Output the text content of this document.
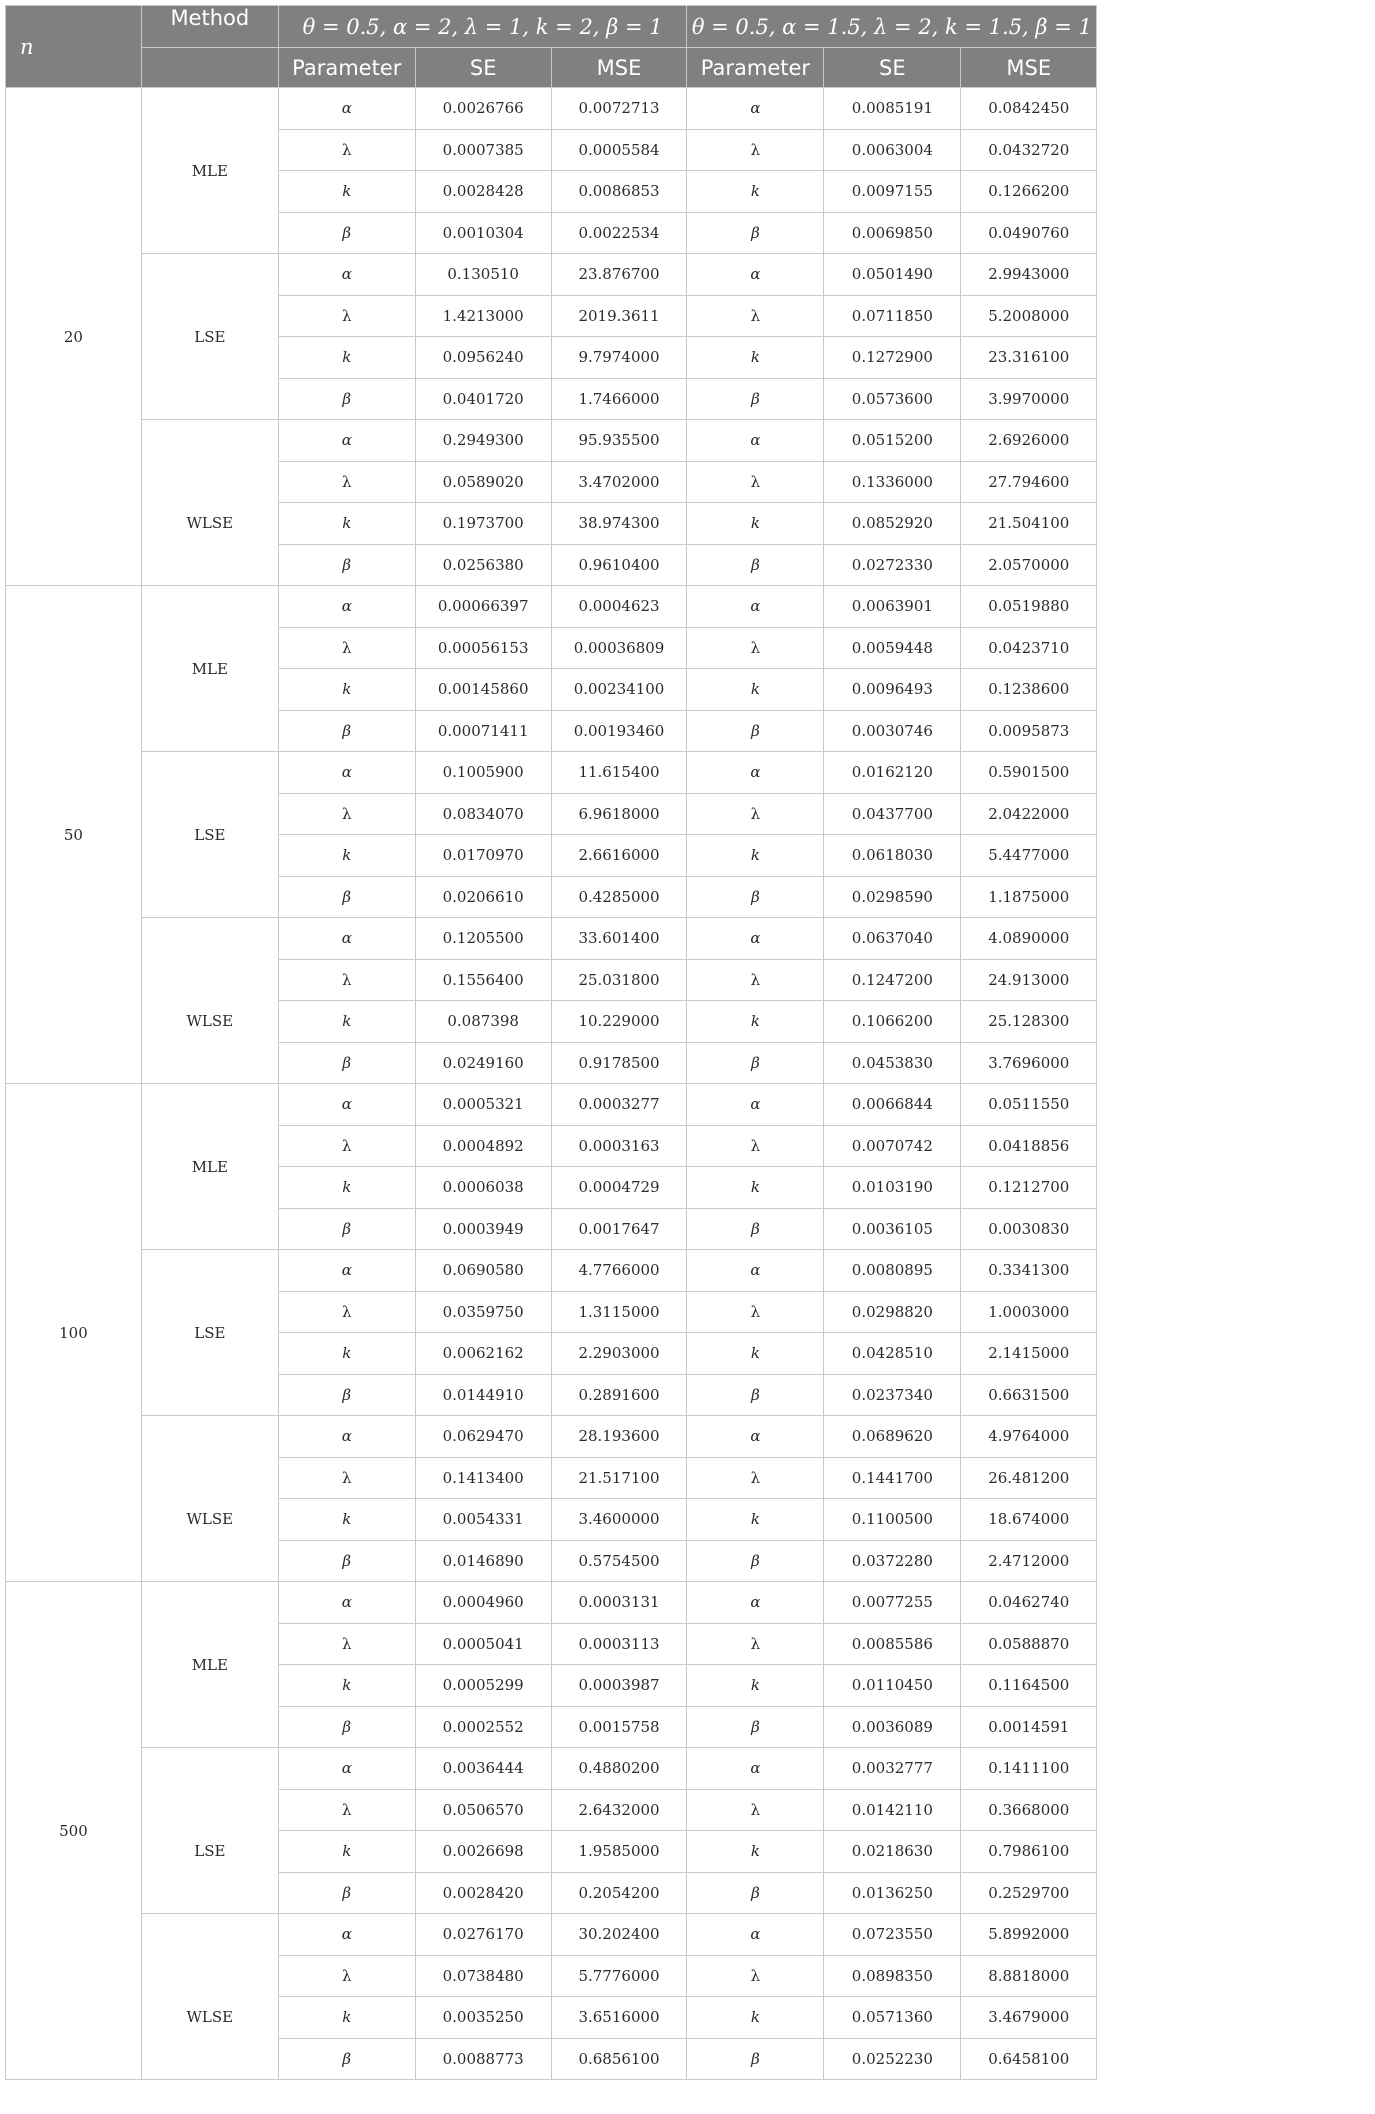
n	Method	θ = 0.5, α = 2, λ = 1, k = 2, β = 1			θ = 0.5, α = 1.5, λ = 2, k = 1.5, β = 1		
		Parameter	SE	MSE	Parameter	SE	MSE
20	MLE	α	0.0026766	0.0072713	α	0.0085191	0.0842450
		λ	0.0007385	0.0005584	λ	0.0063004	0.0432720
		k	0.0028428	0.0086853	k	0.0097155	0.1266200
		β	0.0010304	0.0022534	β	0.0069850	0.0490760
	LSE	α	0.130510	23.876700	α	0.0501490	2.9943000
		λ	1.4213000	2019.3611	λ	0.0711850	5.2008000
		k	0.0956240	9.7974000	k	0.1272900	23.316100
		β	0.0401720	1.7466000	β	0.0573600	3.9970000
	WLSE	α	0.2949300	95.935500	α	0.0515200	2.6926000
		λ	0.0589020	3.4702000	λ	0.1336000	27.794600
		k	0.1973700	38.974300	k	0.0852920	21.504100
		β	0.0256380	0.9610400	β	0.0272330	2.0570000
50	MLE	α	0.00066397	0.0004623	α	0.0063901	0.0519880
		λ	0.00056153	0.00036809	λ	0.0059448	0.0423710
		k	0.00145860	0.00234100	k	0.0096493	0.1238600
		β	0.00071411	0.00193460	β	0.0030746	0.0095873
	LSE	α	0.1005900	11.615400	α	0.0162120	0.5901500
		λ	0.0834070	6.9618000	λ	0.0437700	2.0422000
		k	0.0170970	2.6616000	k	0.0618030	5.4477000
		β	0.0206610	0.4285000	β	0.0298590	1.1875000
	WLSE	α	0.1205500	33.601400	α	0.0637040	4.0890000
		λ	0.1556400	25.031800	λ	0.1247200	24.913000
		k	0.087398	10.229000	k	0.1066200	25.128300
		β	0.0249160	0.9178500	β	0.0453830	3.7696000
100	MLE	α	0.0005321	0.0003277	α	0.0066844	0.0511550
		λ	0.0004892	0.0003163	λ	0.0070742	0.0418856
		k	0.0006038	0.0004729	k	0.0103190	0.1212700
		β	0.0003949	0.0017647	β	0.0036105	0.0030830
	LSE	α	0.0690580	4.7766000	α	0.0080895	0.3341300
		λ	0.0359750	1.3115000	λ	0.0298820	1.0003000
		k	0.0062162	2.2903000	k	0.0428510	2.1415000
		β	0.0144910	0.2891600	β	0.0237340	0.6631500
	WLSE	α	0.0629470	28.193600	α	0.0689620	4.9764000
		λ	0.1413400	21.517100	λ	0.1441700	26.481200
		k	0.0054331	3.4600000	k	0.1100500	18.674000
		β	0.0146890	0.5754500	β	0.0372280	2.4712000
500	MLE	α	0.0004960	0.0003131	α	0.0077255	0.0462740
		λ	0.0005041	0.0003113	λ	0.0085586	0.0588870
		k	0.0005299	0.0003987	k	0.0110450	0.1164500
		β	0.0002552	0.0015758	β	0.0036089	0.0014591
	LSE	α	0.0036444	0.4880200	α	0.0032777	0.1411100
		λ	0.0506570	2.6432000	λ	0.0142110	0.3668000
		k	0.0026698	1.9585000	k	0.0218630	0.7986100
		β	0.0028420	0.2054200	β	0.0136250	0.2529700
	WLSE	α	0.0276170	30.202400	α	0.0723550	5.8992000
		λ	0.0738480	5.7776000	λ	0.0898350	8.8818000
		k	0.0035250	3.6516000	k	0.0571360	3.4679000
		β	0.0088773	0.6856100	β	0.0252230	0.6458100
